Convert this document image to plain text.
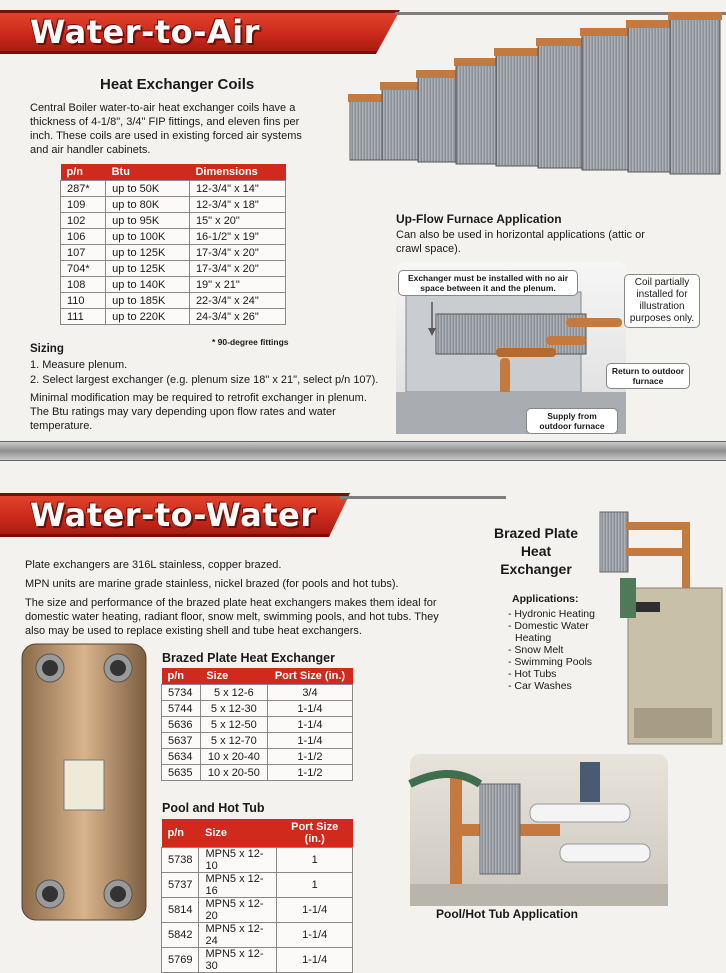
Water-to-Air
Heat Exchanger Coils
Central Boiler water-to-air heat exchanger coils have a thickness of 4-1/8", 3/4" FIP fittings, and eleven fins per inch. These coils are used in existing forced air systems and air handler cabinets.
p/n	Btu	Dimensions
287*	up to 50K	12-3/4" x 14"
109	up to 80K	12-3/4" x 18"
102	up to 95K	15" x 20"
106	up to 100K	16-1/2" x 19"
107	up to 125K	17-3/4" x 20"
704*	up to 125K	17-3/4" x 20"
108	up to 140K	19" x 21"
110	up to 185K	22-3/4" x 24"
111	up to 220K	24-3/4" x 26"
* 90-degree fittings
Sizing
1. Measure plenum.
2. Select largest exchanger (e.g. plenum size 18" x 21", select p/n 107).
Minimal modification may be required to retrofit exchanger in plenum. The Btu ratings may vary depending upon flow rates and water temperature.
Up-Flow Furnace Application
Can also be used in horizontal applications (attic or crawl space).
Exchanger must be installed with no air space between it and the plenum.	Coil partially installed for illustration purposes only.
Return to outdoor furnace
Supply from outdoor furnace
Water-to-Water
Plate exchangers are 316L stainless, copper brazed.
MPN units are marine grade stainless, nickel brazed (for pools and hot tubs).
The size and performance of the brazed plate heat exchangers makes them ideal for domestic water heating, radiant floor, snow melt, swimming pools, and hot tubs. They also may be used to replace existing shell and tube heat exchangers.
Brazed Plate Heat Exchanger
Applications:
- Hydronic Heating
- Domestic Water
Heating
- Snow Melt
- Swimming Pools
- Hot Tubs
- Car Washes
Brazed Plate Heat Exchanger
p/n	Size	Port Size (in.)
5734	5 x 12-6	3/4
5744	5 x 12-30	1-1/4
5636	5 x 12-50	1-1/4
5637	5 x 12-70	1-1/4
5634	10 x 20-40	1-1/2
5635	10 x 20-50	1-1/2
Pool and Hot Tub
p/n	Size	Port Size (in.)
5738	MPN5 x 12-10	1
5737	MPN5 x 12-16	1
5814	MPN5 x 12-20	1-1/4
5842	MPN5 x 12-24	1-1/4
5769	MPN5 x 12-30	1-1/4
Pool/Hot Tub Application
